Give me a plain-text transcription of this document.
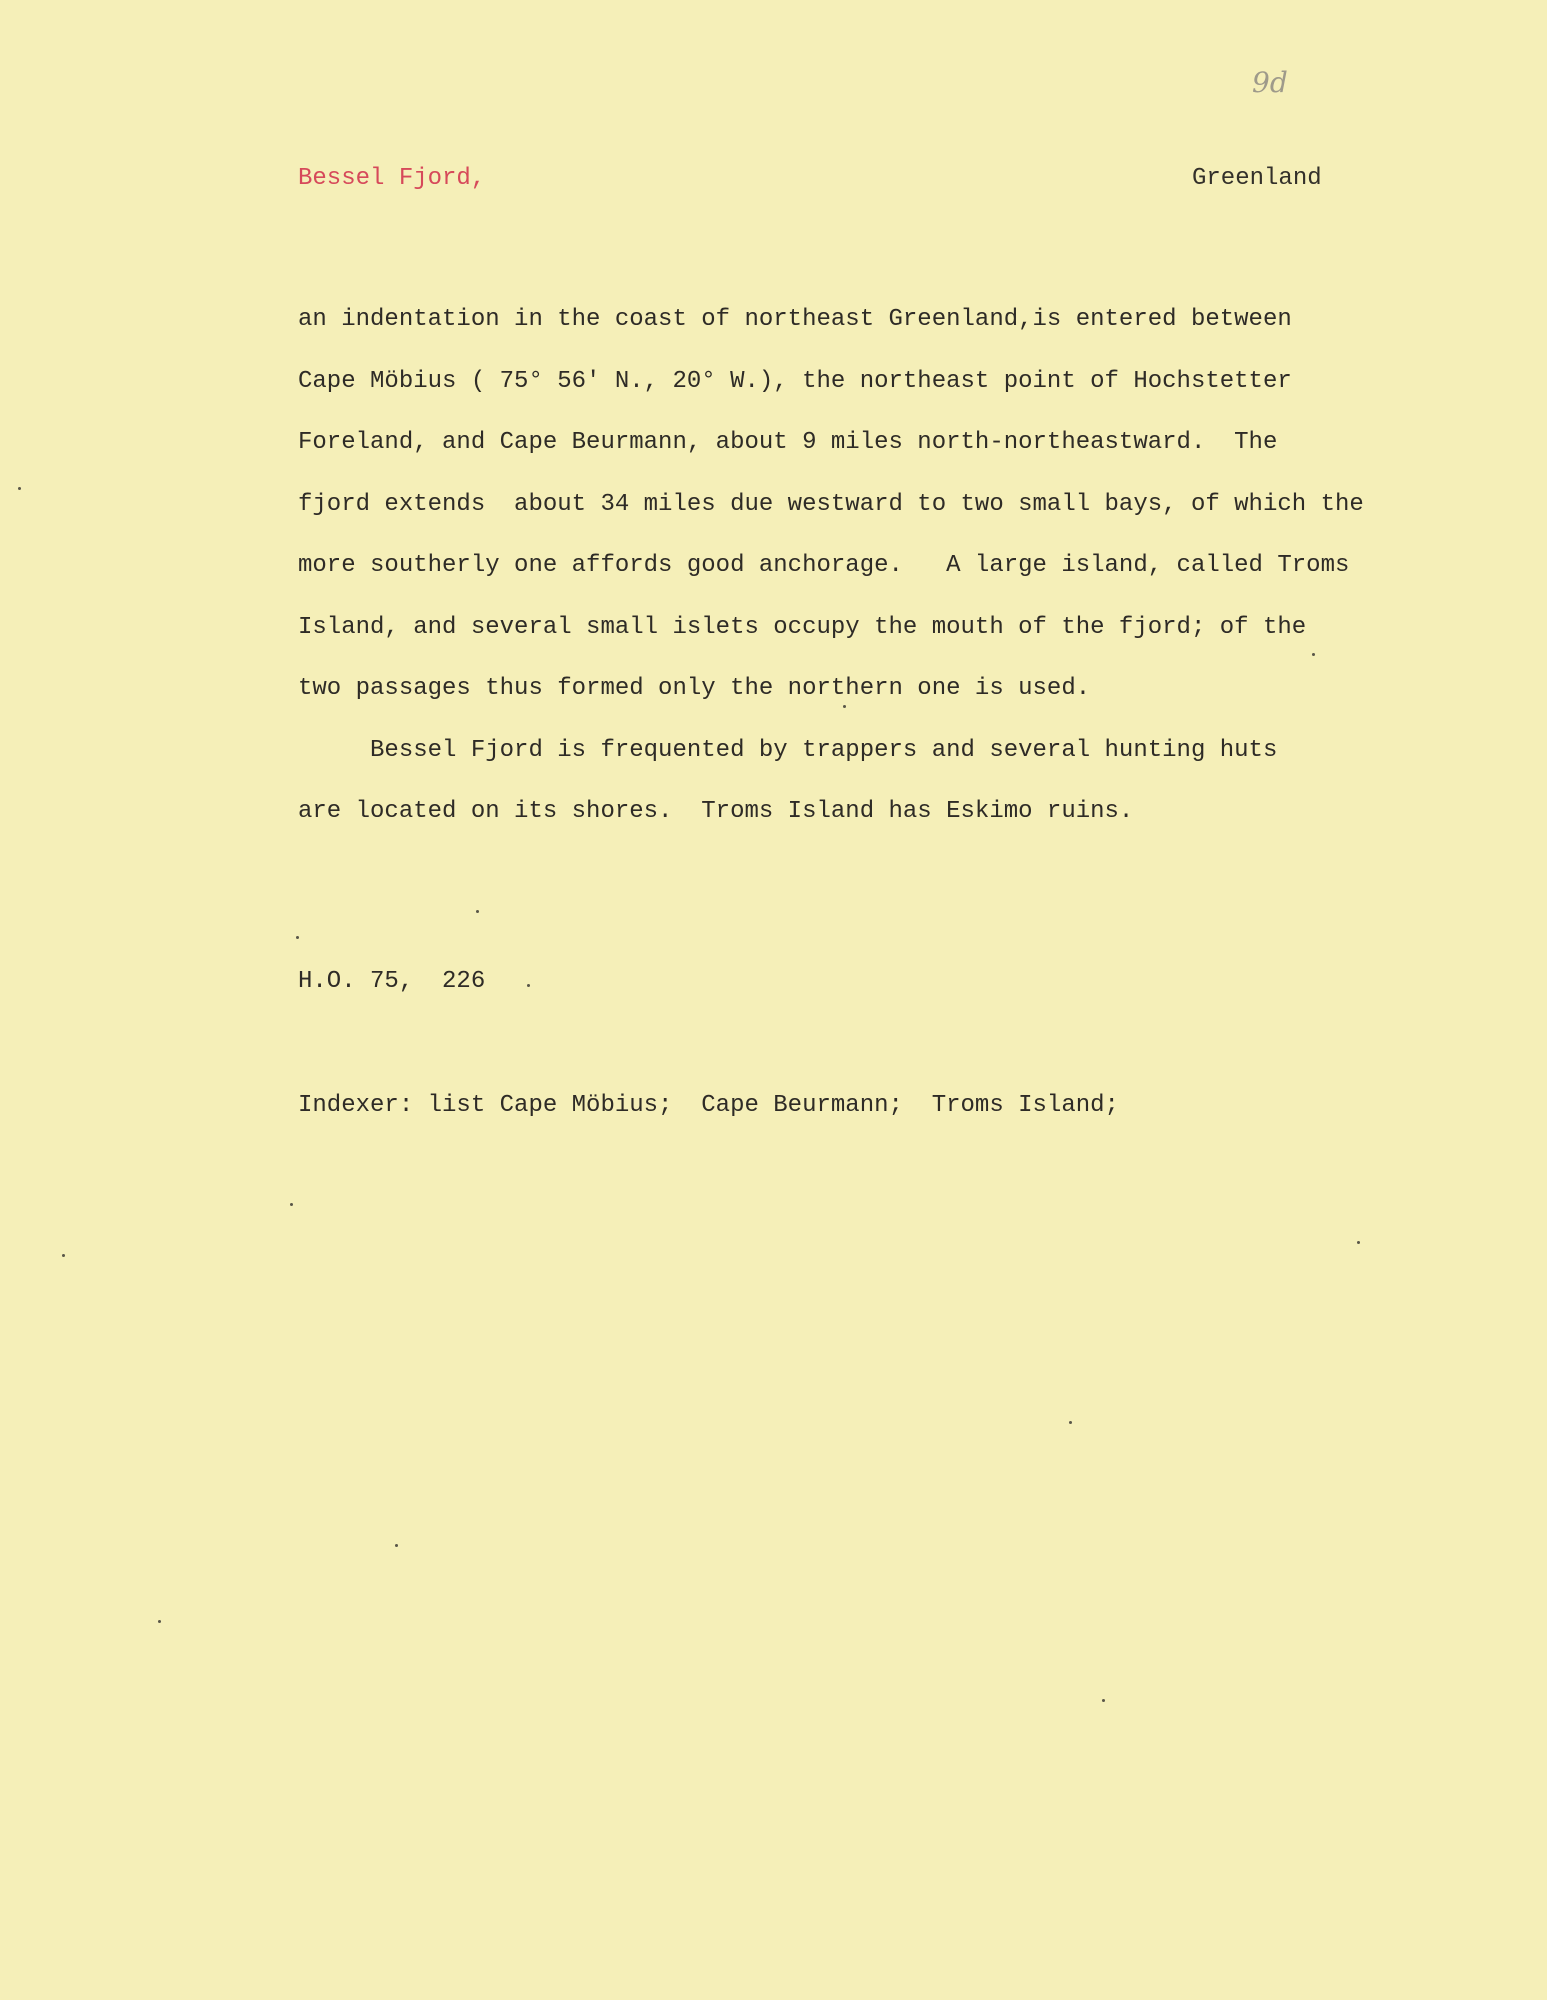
9d
Bessel Fjord,	Greenland
an indentation in the coast of northeast Greenland,is entered between
Cape Möbius ( 75° 56' N., 20° W.), the northeast point of Hochstetter
Foreland, and Cape Beurmann, about 9 miles north-northeastward.  The
fjord extends  about 34 miles due westward to two small bays, of which the
more southerly one affords good anchorage.   A large island, called Troms
Island, and several small islets occupy the mouth of the fjord; of the
two passages thus formed only the northern one is used.
Bessel Fjord is frequented by trappers and several hunting huts
are located on its shores.  Troms Island has Eskimo ruins.
H.O. 75,  226
Indexer: list Cape Möbius;  Cape Beurmann;  Troms Island;
